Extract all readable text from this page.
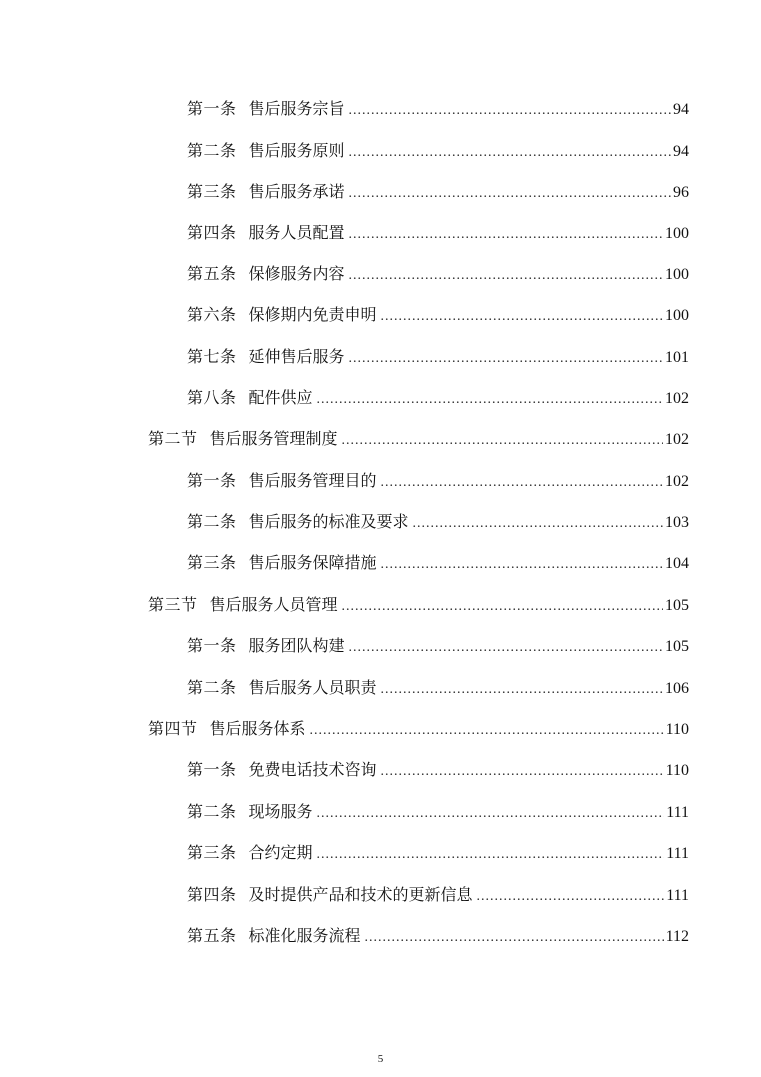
第一条 售后服务宗旨 .....	94
第二条 售后服务原则 .....	94
第三条 售后服务承诺 .....	96
第四条 服务人员配置 .....	100
第五条 保修服务内容 .....	100
第六条 保修期内免责申明 .....	100
第七条 延伸售后服务 .....	101
第八条 配件供应 .....	102
第二节 售后服务管理制度 .....	102
第一条 售后服务管理目的 .....	102
第二条 售后服务的标准及要求 .....	103
第三条 售后服务保障措施 .....	104
第三节 售后服务人员管理 .....	105
第一条 服务团队构建 .....	105
第二条 售后服务人员职责 .....	106
第四节 售后服务体系 .....	110
第一条 免费电话技术咨询 .....	110
第二条 现场服务 .....	111
第三条 合约定期 .....	111
第四条 及时提供产品和技术的更新信息 .....	111
第五条 标准化服务流程 .....	112
5
